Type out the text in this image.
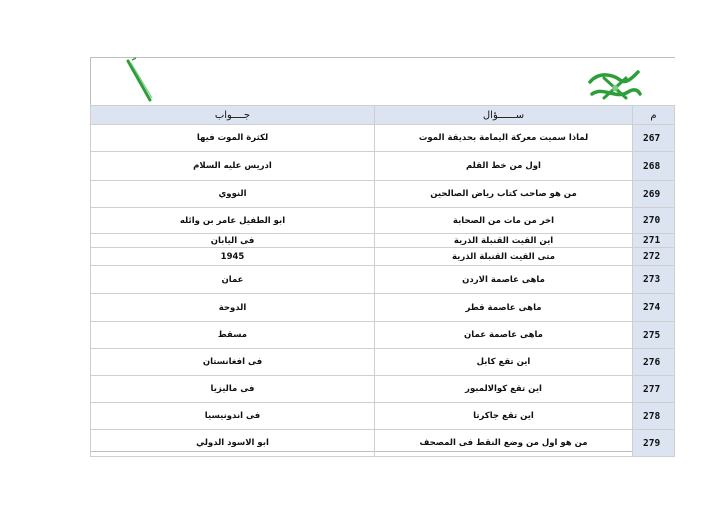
م	ســــــؤال	جــــواب
267	لماذا سميت معركة اليمامة بحديقة الموت	لكثرة الموت فيها
268	اول من خط القلم	ادريس عليه السلام
269	من هو صاحب كتاب رياض الصالحين	النووي
270	اخر من مات من الصحابة	ابو الطفيل عامر بن وائله
271	اين القيت القنبلة الذرية	فى اليابان
272	متى القيت القنبلة الذرية	1945
273	ماهى عاصمة الاردن	عمان
274	ماهى عاصمة قطر	الدوحة
275	ماهى عاصمة عمان	مسقط
276	اين تقع كابل	فى افغانستان
277	اين تقع كوالالمبور	فى ماليزيا
278	اين تقع جاكرتا	فى اندونيسيا
279	من هو اول من وضع النقط فى المصحف	ابو الاسود الدولي
